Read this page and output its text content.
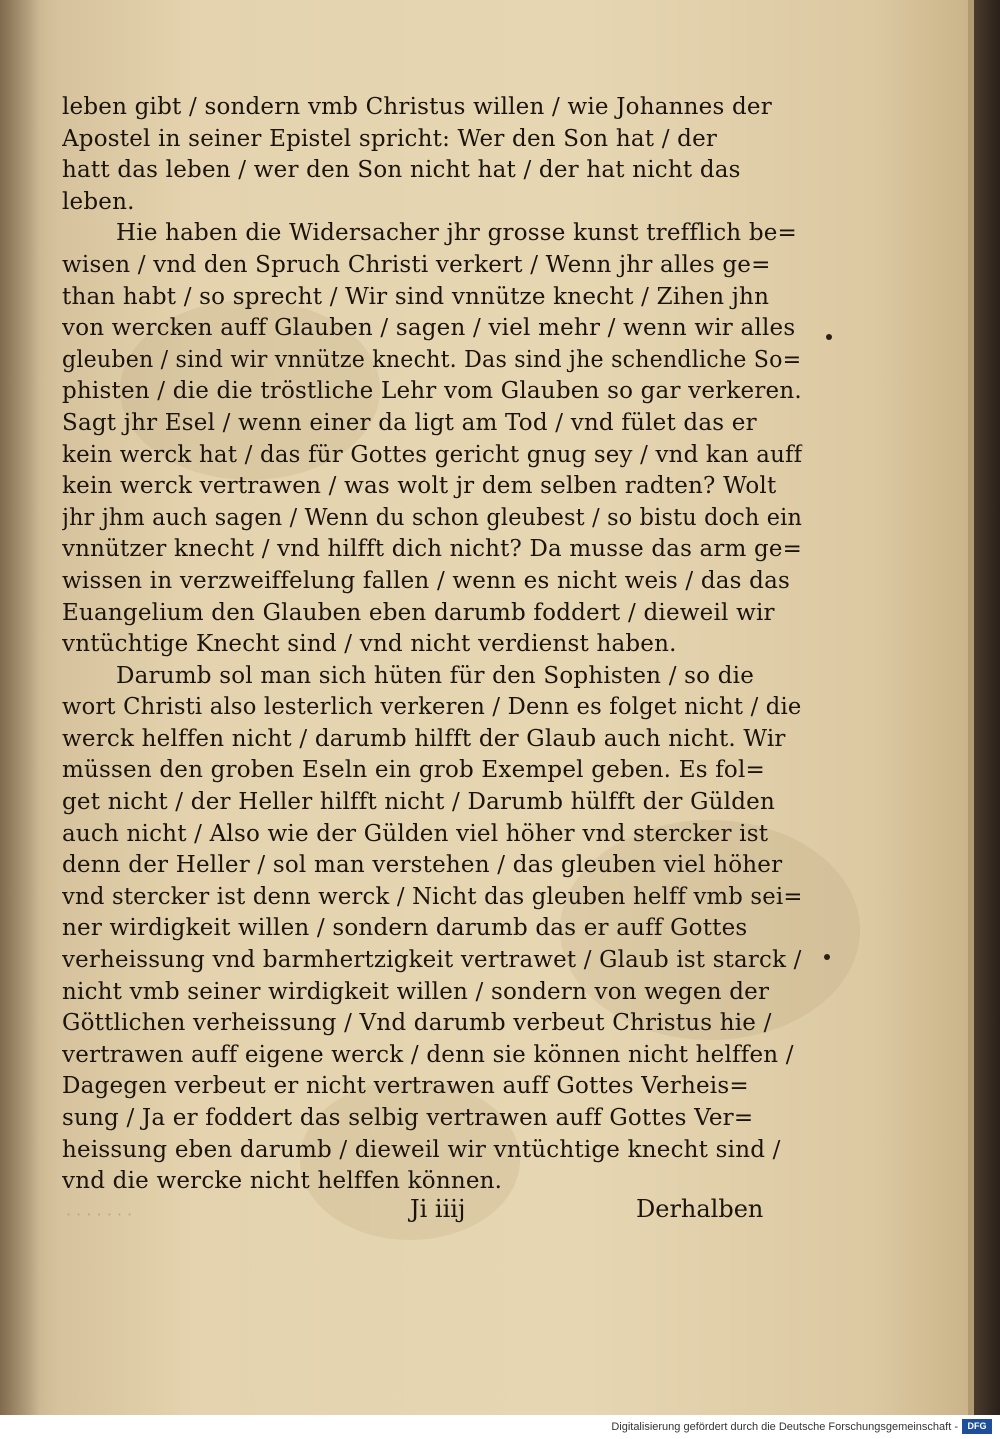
leben gibt / sondern vmb Christus willen / wie Johannes der
Apostel in seiner Epistel spricht: Wer den Son hat / der
hatt das leben / wer den Son nicht hat / der hat nicht das
leben.
Hie haben die Widersacher jhr grosse kunst trefflich be=
wisen / vnd den Spruch Christi verkert / Wenn jhr alles ge=
than habt / so sprecht / Wir sind vnnütze knecht / Zihen jhn
von wercken auff Glauben / sagen / viel mehr / wenn wir alles
gleuben / sind wir vnnütze knecht. Das sind jhe schendliche So=
phisten / die die tröstliche Lehr vom Glauben so gar verkeren.
Sagt jhr Esel / wenn einer da ligt am Tod / vnd fület das er
kein werck hat / das für Gottes gericht gnug sey / vnd kan auff
kein werck vertrawen / was wolt jr dem selben radten? Wolt
jhr jhm auch sagen / Wenn du schon gleubest / so bistu doch ein
vnnützer knecht / vnd hilfft dich nicht? Da musse das arm ge=
wissen in verzweiffelung fallen / wenn es nicht weis / das das
Euangelium den Glauben eben darumb foddert / dieweil wir
vntüchtige Knecht sind / vnd nicht verdienst haben.
Darumb sol man sich hüten für den Sophisten / so die
wort Christi also lesterlich verkeren / Denn es folget nicht / die
werck helffen nicht / darumb hilfft der Glaub auch nicht. Wir
müssen den groben Eseln ein grob Exempel geben. Es fol=
get nicht / der Heller hilfft nicht / Darumb hülfft der Gülden
auch nicht / Also wie der Gülden viel höher vnd stercker ist
denn der Heller / sol man verstehen / das gleuben viel höher
vnd stercker ist denn werck / Nicht das gleuben helff vmb sei=
ner wirdigkeit willen / sondern darumb das er auff Gottes
verheissung vnd barmhertzigkeit vertrawet / Glaub ist starck /
nicht vmb seiner wirdigkeit willen / sondern von wegen der
Göttlichen verheissung / Vnd darumb verbeut Christus hie /
vertrawen auff eigene werck / denn sie können nicht helffen /
Dagegen verbeut er nicht vertrawen auff Gottes Verheis=
sung / Ja er foddert das selbig vertrawen auff Gottes Ver=
heissung eben darumb / dieweil wir vntüchtige knecht sind /
vnd die wercke nicht helffen können.
· · · · · · ·	Ji iiij	Derhalben
Digitalisierung gefördert durch die Deutsche Forschungsgemeinschaft -	DFG
